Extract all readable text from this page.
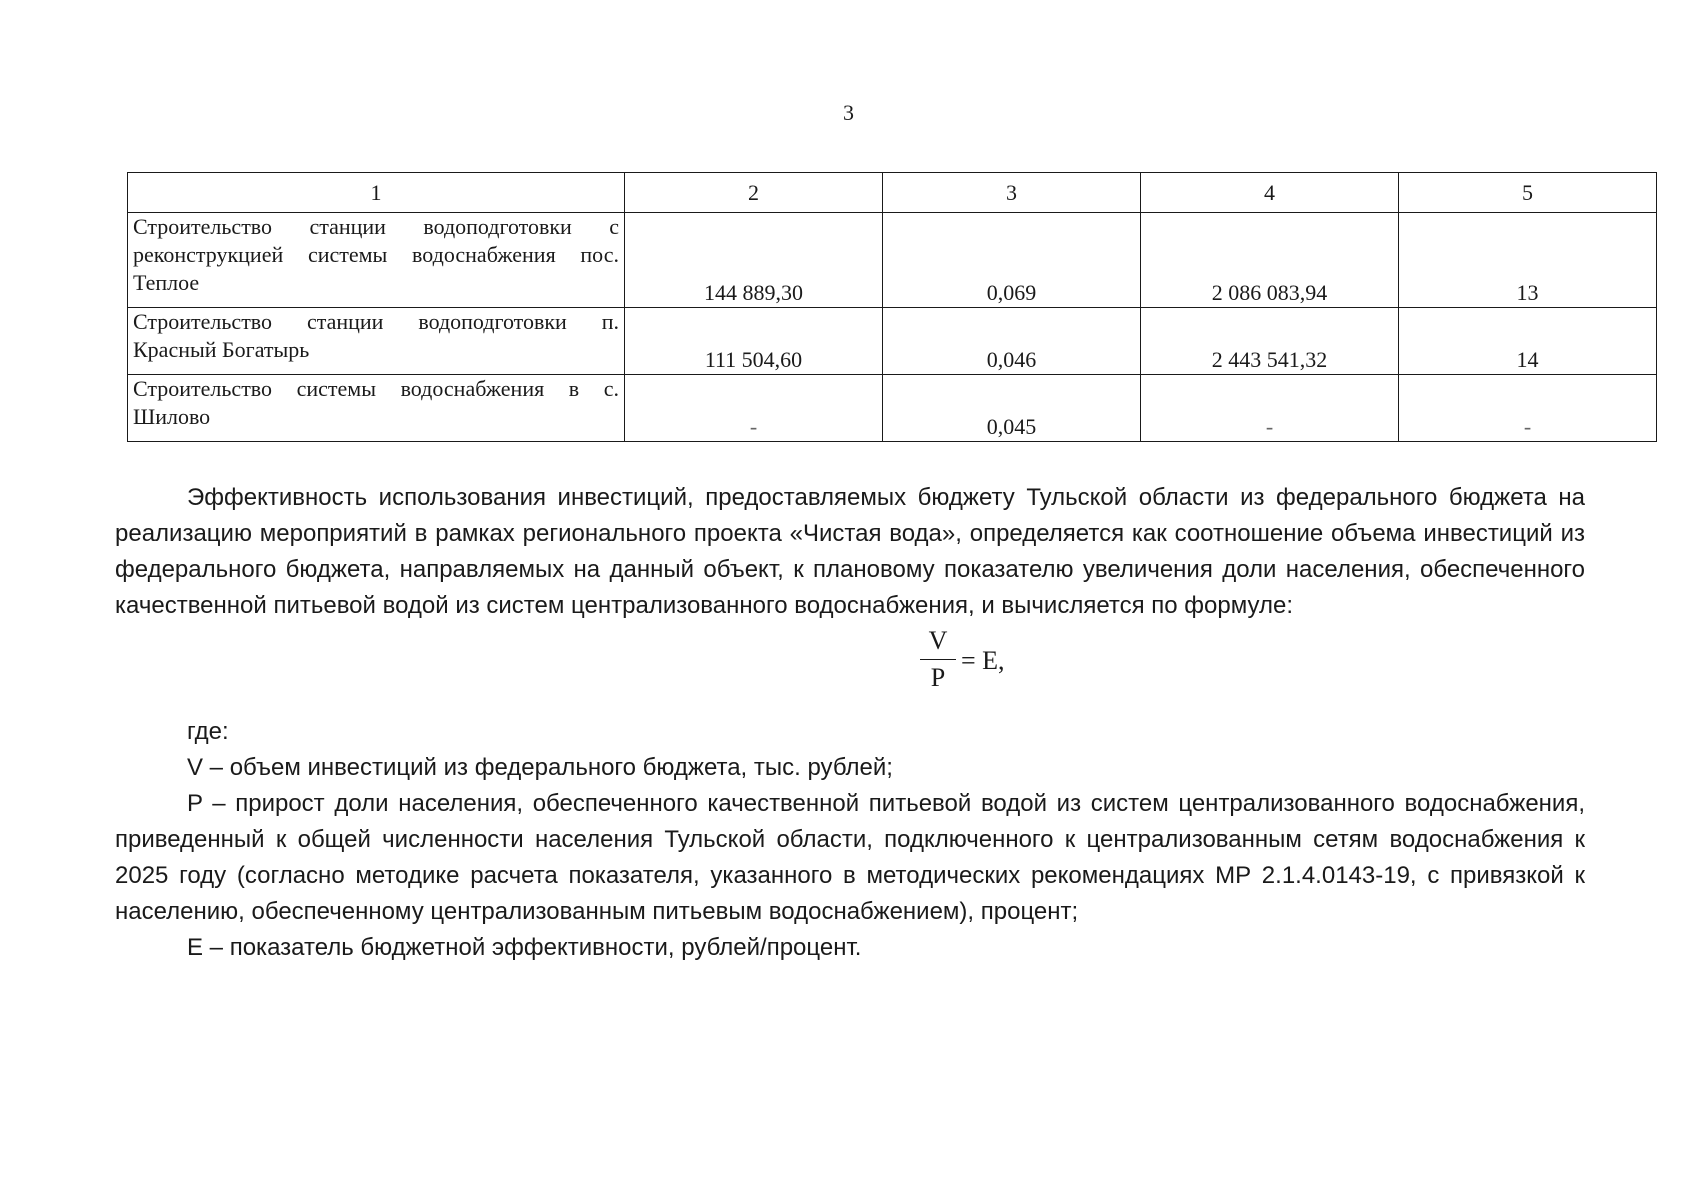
3
1	2	3	4	5
Строительство станции водоподготовки с реконструкцией системы водоснабжения пос. Теплое	144 889,30	0,069	2 086 083,94	13
Строительство станции водоподготовки п. Красный Богатырь	111 504,60	0,046	2 443 541,32	14
Строительство системы водоснабжения в с. Шилово	-	0,045	-	-

Эффективность использования инвестиций, предоставляемых бюджету Тульской области из федерального бюджета на реализацию мероприятий в рамках регионального проекта «Чистая вода», определяется как соотношение объема инвестиций из федерального бюджета, направляемых на данный объект, к плановому показателю увеличения доли населения, обеспеченного качественной питьевой водой из систем централизованного водоснабжения, и вычисляется по формуле:

V
P
= E,

где:

V – объем инвестиций из федерального бюджета, тыс. рублей;

P – прирост доли населения, обеспеченного качественной питьевой водой из систем централизованного водоснабжения, приведенный к общей численности населения Тульской области, подключенного к централизованным сетям водоснабжения к 2025 году (согласно методике расчета показателя, указанного в методических рекомендациях МР 2.1.4.0143-19, с привязкой к населению, обеспеченному централизованным питьевым водоснабжением), процент;

E – показатель бюджетной эффективности, рублей/процент.
